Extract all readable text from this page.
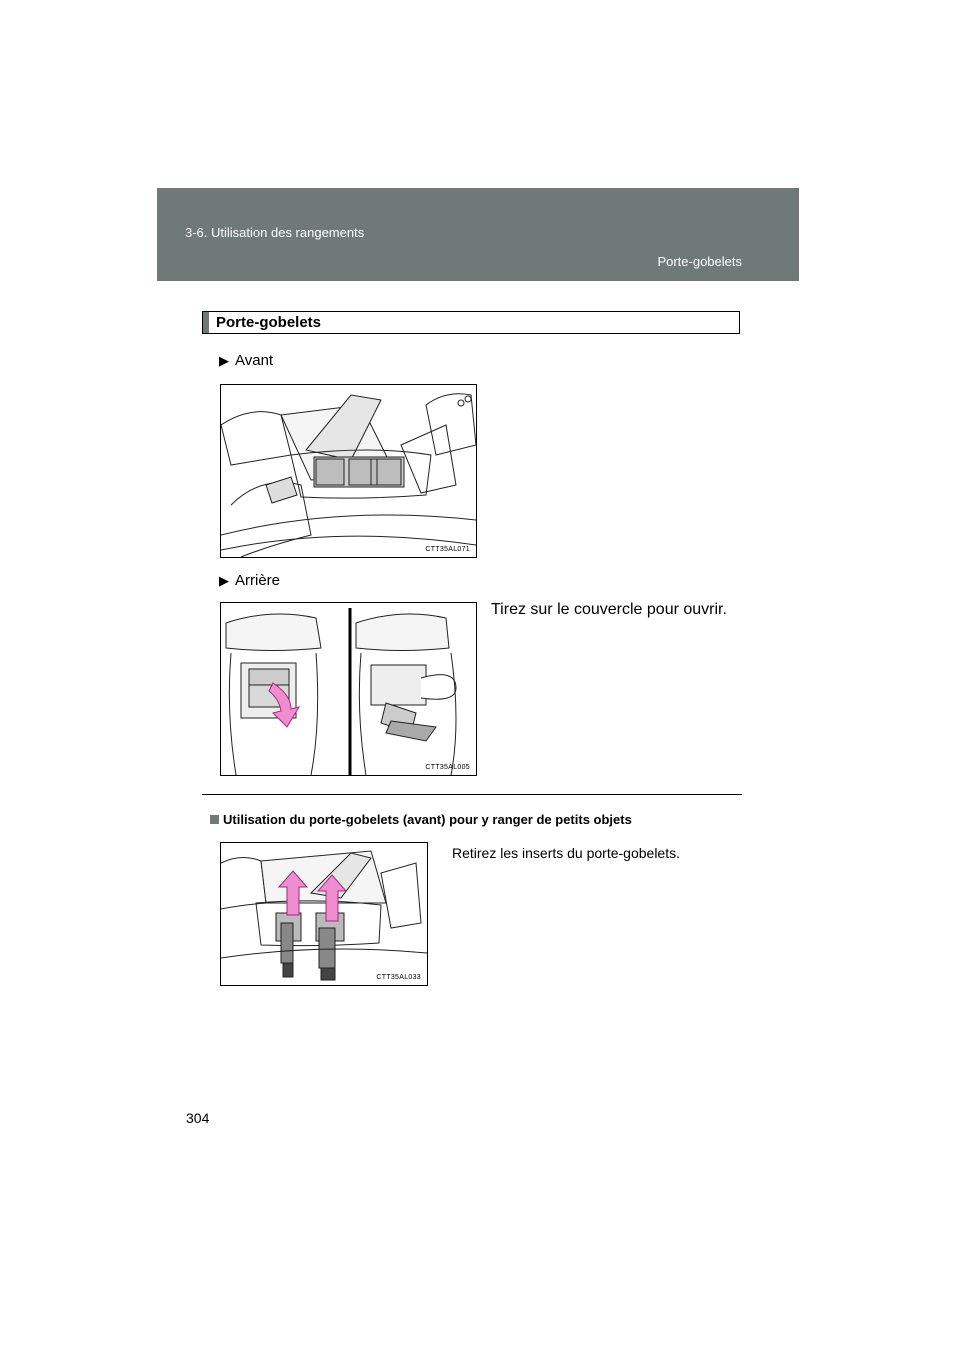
3-6. Utilisation des rangements
Porte-gobelets
Porte-gobelets
▶ Avant
CTT35AL071
▶ Arrière
CTT35AL005
Tirez sur le couvercle pour ouvrir.
Utilisation du porte-gobelets (avant) pour y ranger de petits objets
Retirez les inserts du porte-gobelets.
CTT35AL033
304
